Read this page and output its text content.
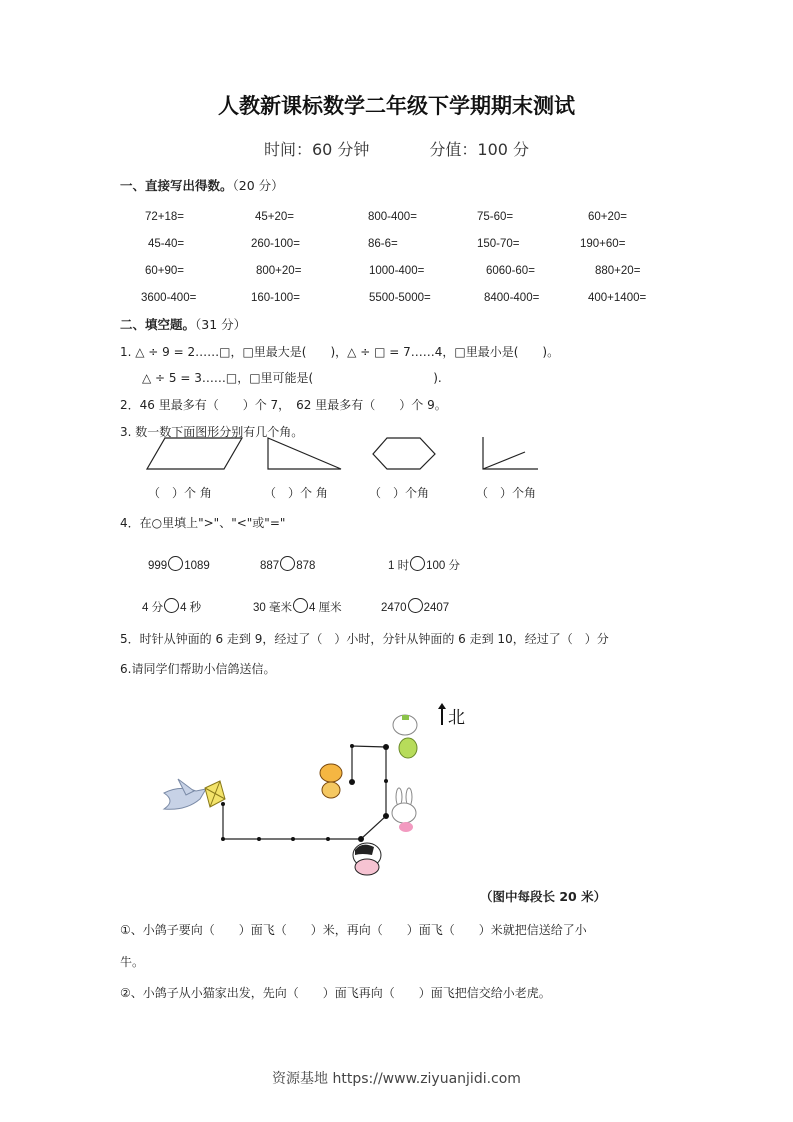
人教新课标数学二年级下学期期末测试
时间：60 分钟	分值：100 分
一、直接写出得数。（20 分）
72+18=	45+20=	800-400=	75-60=	60+20=
45-40=	260-100=	86-6=	150-70=	190+60=
60+90=	800+20=	1000-400=	6060-60=	880+20=
3600-400=	160-100=	5500-5000=	8400-400=	400+1400=
二、填空题。（31 分）
1. △ ÷ 9 = 2……□，□里最大是(　　)，△ ÷ □ = 7……4，□里最小是(　　)。
△ ÷ 5 = 3……□，□里可能是(　　　　　　　　　　).
2．46 里最多有（　　）个 7，　62 里最多有（　　）个 9。
3. 数一数下面图形分别有几个角。
（　）个 角	（　）个 角	（　）个角	（　）个角
4．在○里填上">"、"<"或"="
999 1089	887 878	1 时 100 分
4 分 4 秒	30 毫米 4 厘米	2470 2407
5．时针从钟面的 6 走到 9，经过了（　）小时，分针从钟面的 6 走到 10，经过了（　）分
6.请同学们帮助小信鸽送信。
北
（图中每段长 20 米）
①、小鸽子要向（　　）面飞（　　）米，再向（　　）面飞（　　）米就把信送给了小
牛。
②、小鸽子从小猫家出发，先向（　　）面飞再向（　　）面飞把信交给小老虎。
资源基地 https://www.ziyuanjidi.com
